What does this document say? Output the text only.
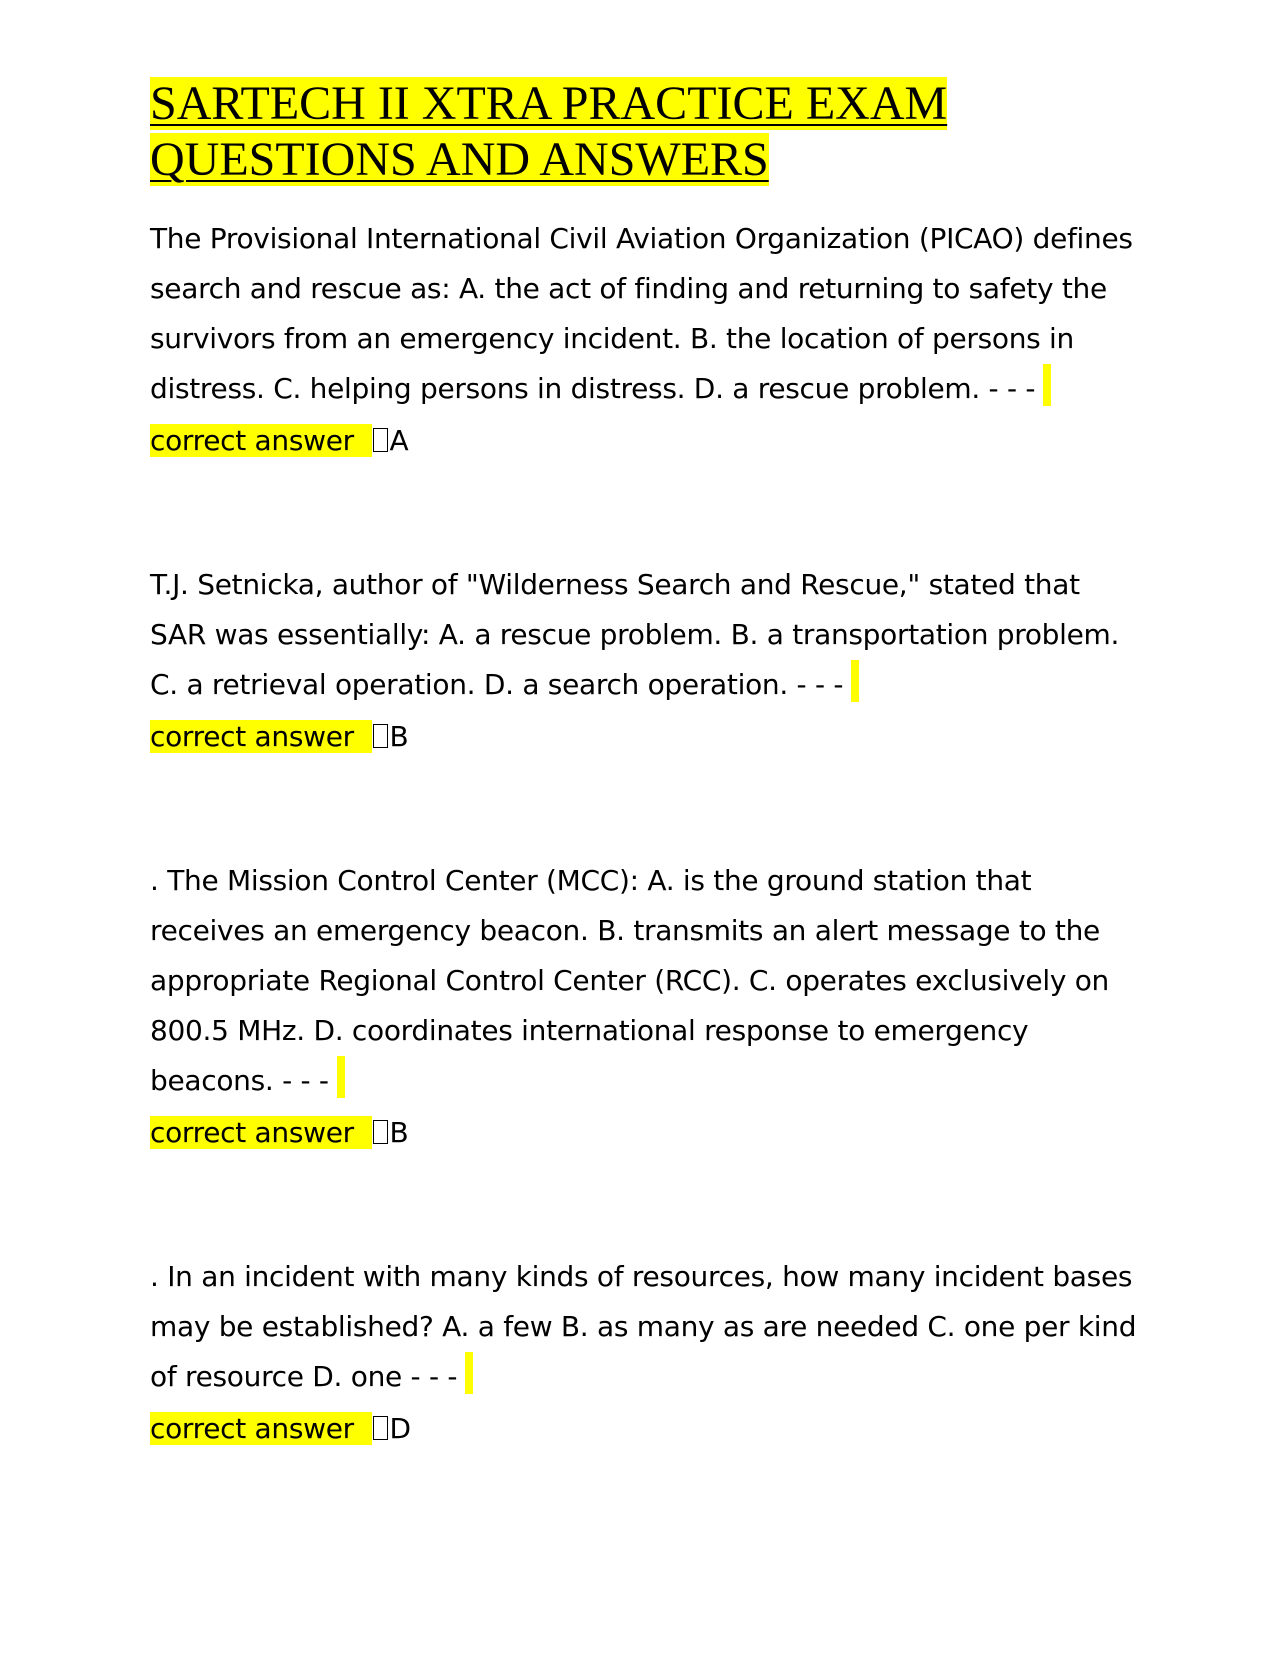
SARTECH II XTRA PRACTICE EXAM
QUESTIONS AND ANSWERS

The Provisional International Civil Aviation Organization (PICAO) defines search and rescue as: A. the act of finding and returning to safety the survivors from an emergency incident. B. the location of persons in distress. C. helping persons in distress. D. a rescue problem. - - -

correct answer A

T.J. Setnicka, author of "Wilderness Search and Rescue," stated that SAR was essentially: A. a rescue problem. B. a transportation problem. C. a retrieval operation. D. a search operation. - - -

correct answer B

. The Mission Control Center (MCC): A. is the ground station that receives an emergency beacon. B. transmits an alert message to the appropriate Regional Control Center (RCC). C. operates exclusively on 800.5 MHz. D. coordinates international response to emergency beacons. - - -

correct answer B

. In an incident with many kinds of resources, how many incident bases may be established? A. a few B. as many as are needed C. one per kind of resource D. one - - -

correct answer D
